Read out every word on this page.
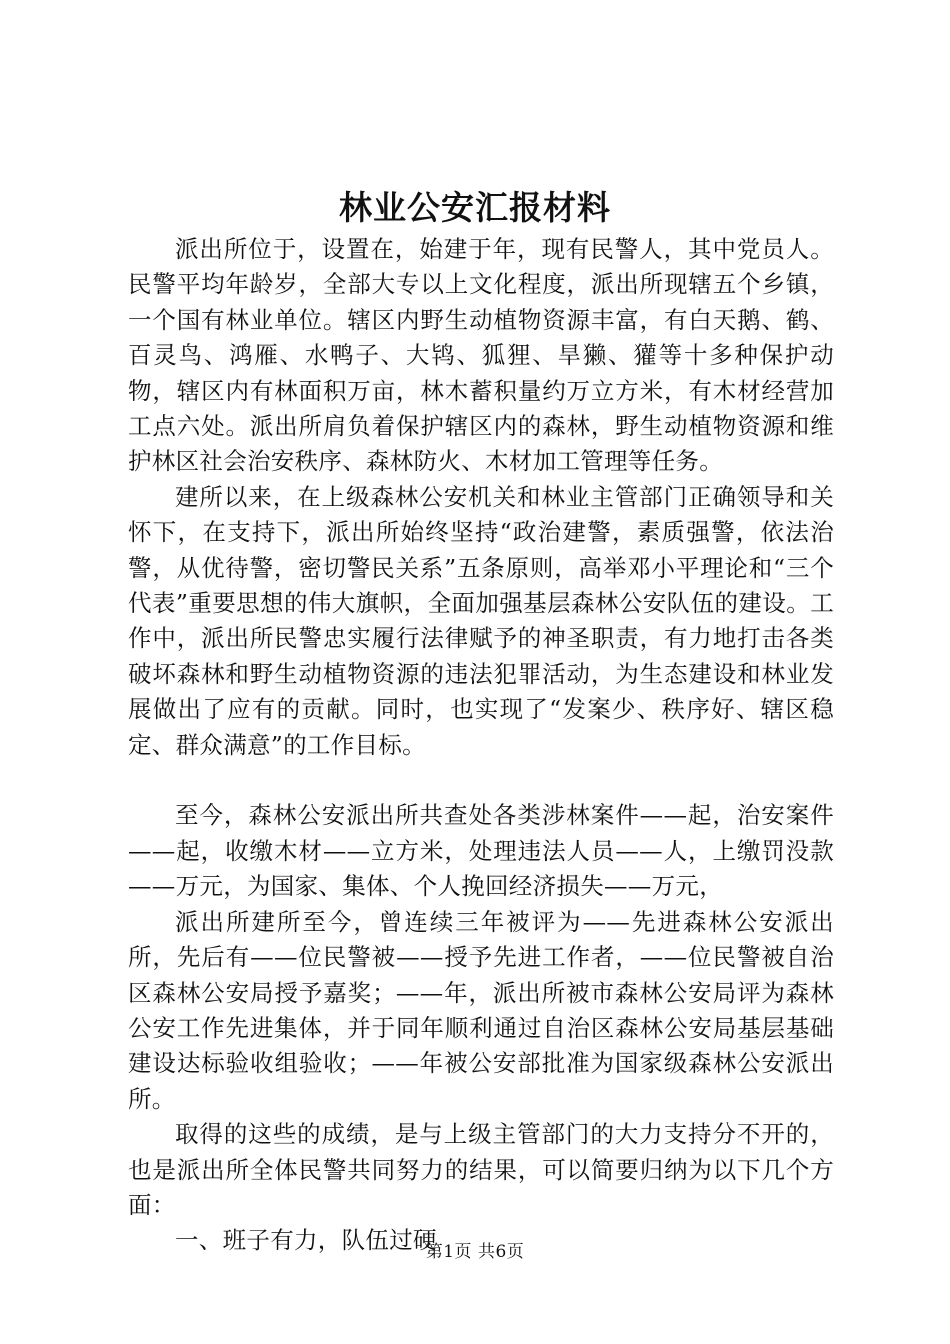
林业公安汇报材料

派出所位于，设置在，始建于年，现有民警人，其中党员人。民警平均年龄岁，全部大专以上文化程度，派出所现辖五个乡镇，一个国有林业单位。辖区内野生动植物资源丰富，有白天鹅、鹤、百灵鸟、鸿雁、水鸭子、大鸨、狐狸、旱獭、獾等十多种保护动物，辖区内有林面积万亩，林木蓄积量约万立方米，有木材经营加工点六处。派出所肩负着保护辖区内的森林，野生动植物资源和维护林区社会治安秩序、森林防火、木材加工管理等任务。

建所以来，在上级森林公安机关和林业主管部门正确领导和关怀下，在支持下，派出所始终坚持“政治建警，素质强警，依法治警，从优待警，密切警民关系”五条原则，高举邓小平理论和“三个代表”重要思想的伟大旗帜，全面加强基层森林公安队伍的建设。工作中，派出所民警忠实履行法律赋予的神圣职责，有力地打击各类破坏森林和野生动植物资源的违法犯罪活动，为生态建设和林业发展做出了应有的贡献。同时，也实现了“发案少、秩序好、辖区稳定、群众满意”的工作目标。

至今，森林公安派出所共查处各类涉林案件——起，治安案件——起，收缴木材——立方米，处理违法人员——人，上缴罚没款——万元，为国家、集体、个人挽回经济损失——万元，

派出所建所至今，曾连续三年被评为——先进森林公安派出所，先后有——位民警被——授予先进工作者，——位民警被自治区森林公安局授予嘉奖；——年，派出所被市森林公安局评为森林公安工作先进集体，并于同年顺利通过自治区森林公安局基层基础建设达标验收组验收；——年被公安部批准为国家级森林公安派出所。

取得的这些的成绩，是与上级主管部门的大力支持分不开的，也是派出所全体民警共同努力的结果，可以简要归纳为以下几个方面：

一、班子有力，队伍过硬

第1页 共6页
